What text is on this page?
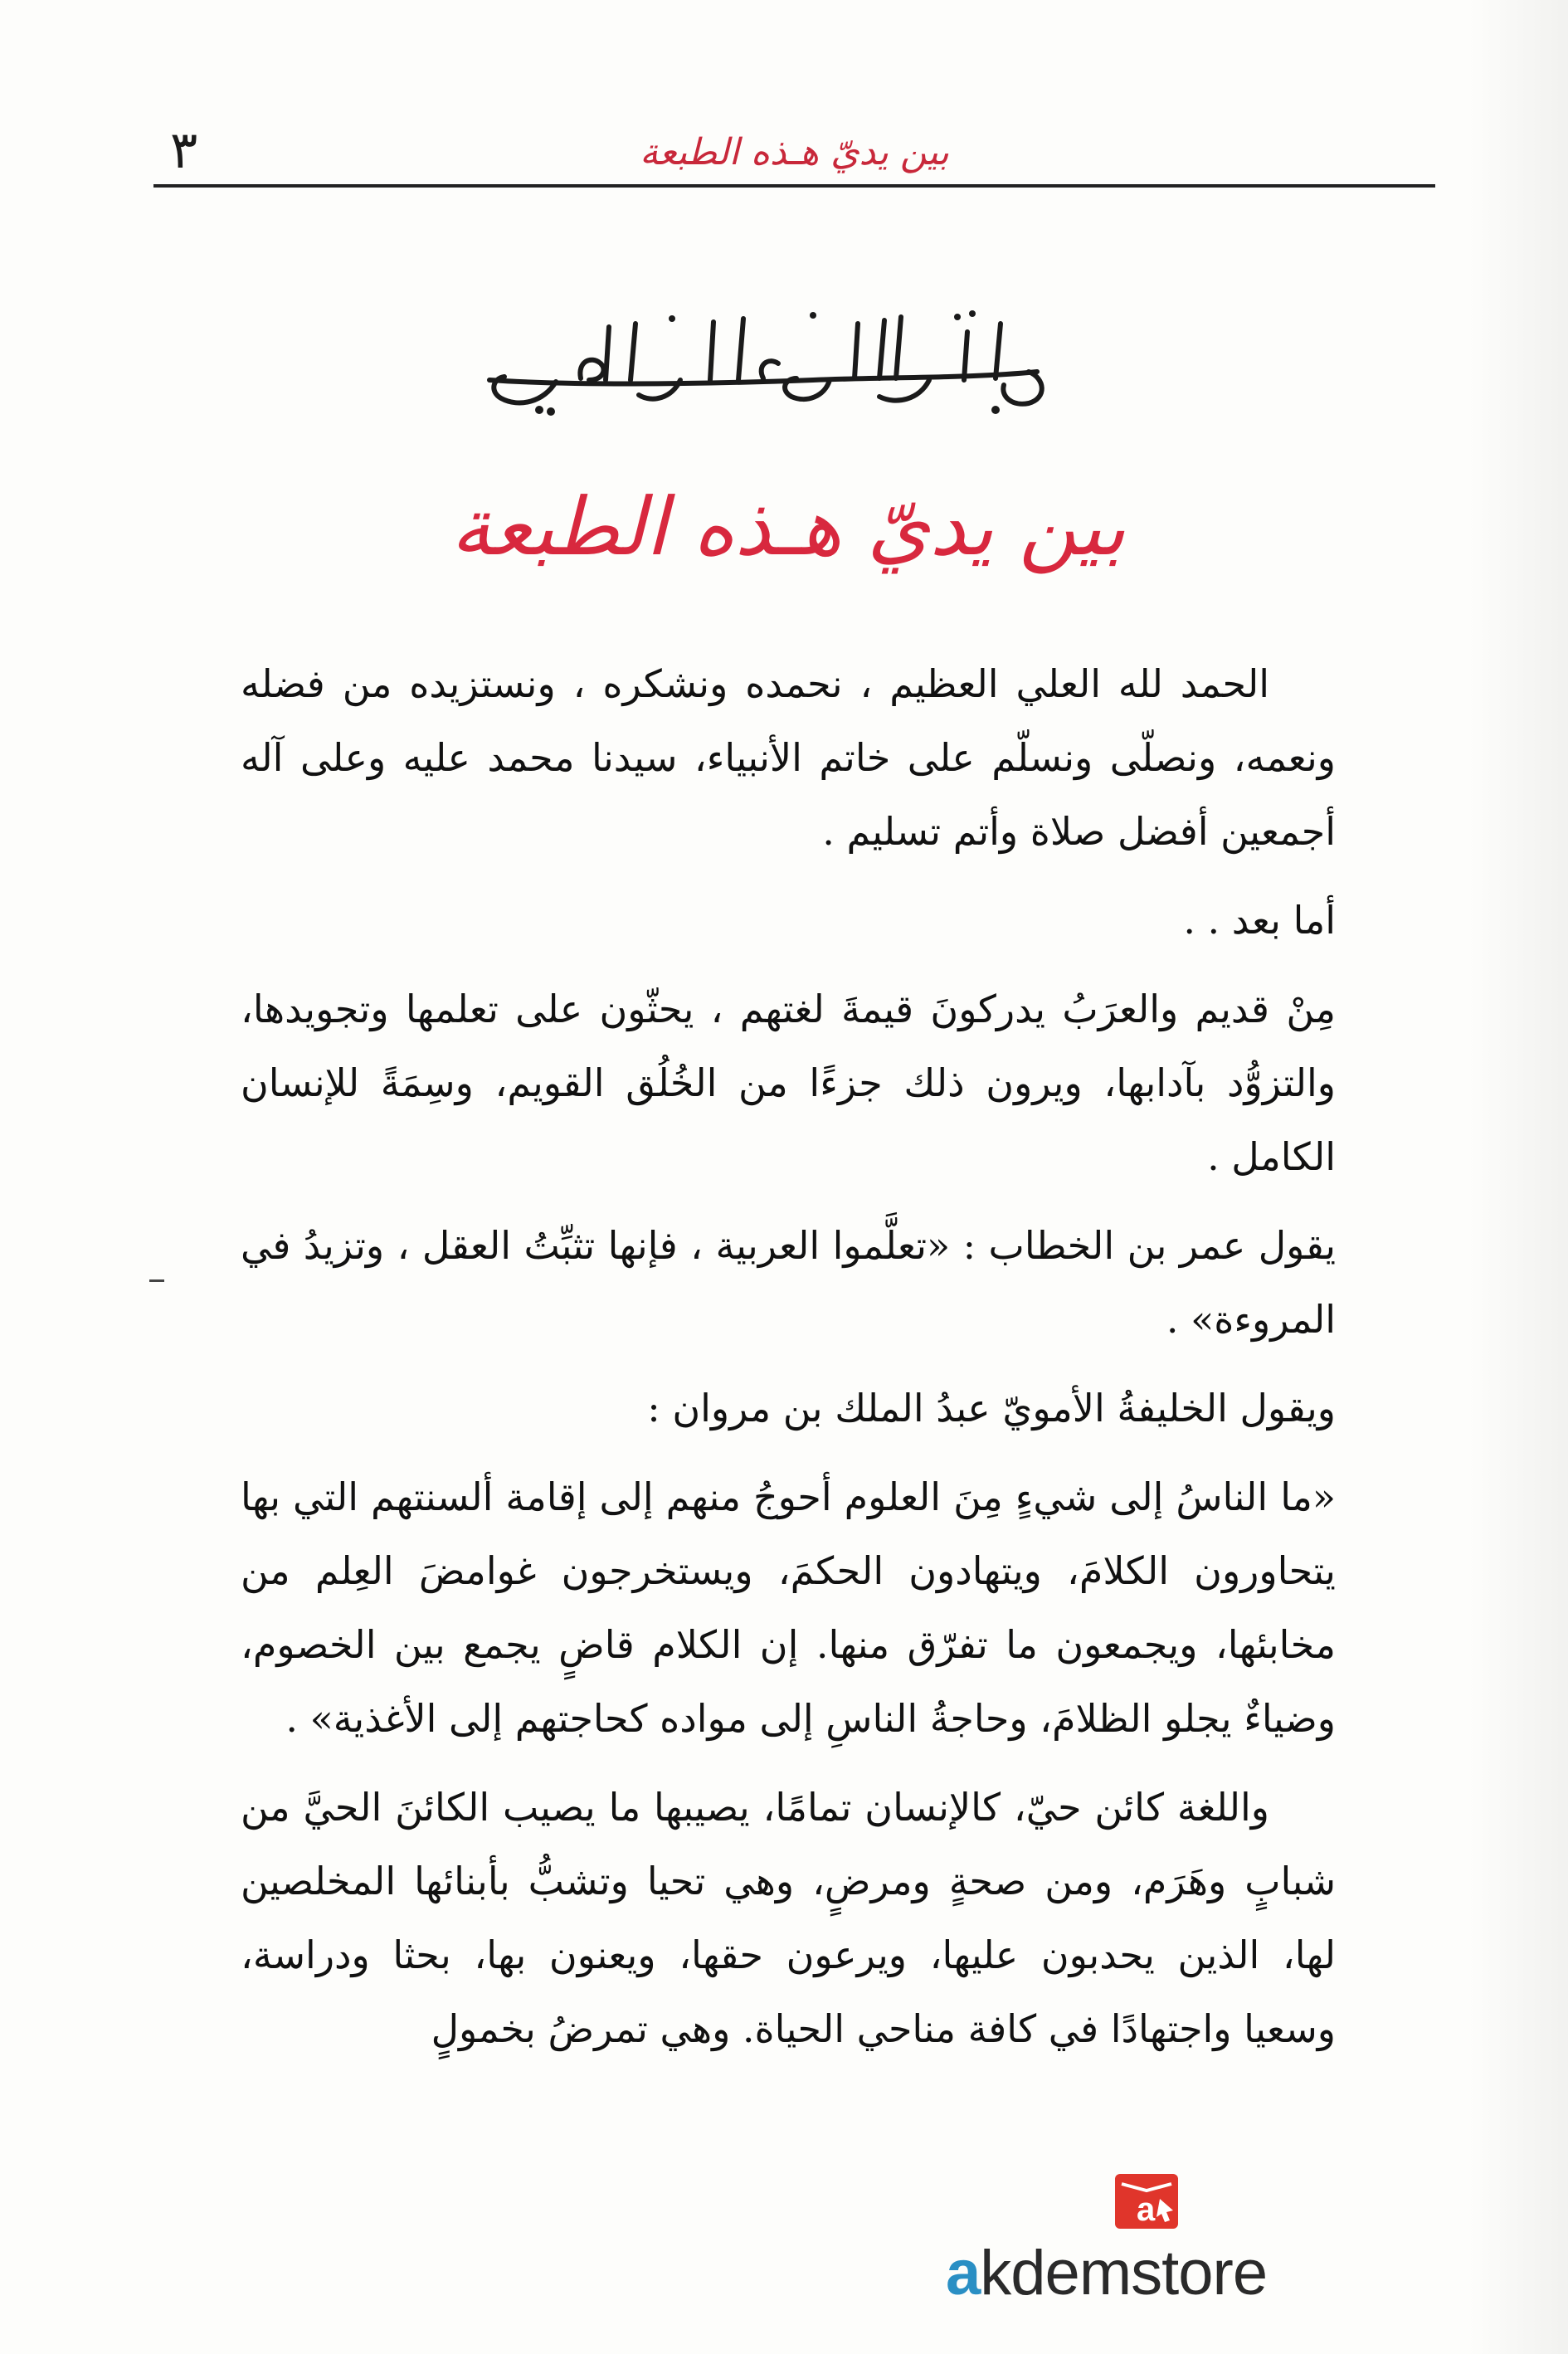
بين يديّ هـذه الطبعة
٣
بين يديّ هـذه الطبعة

الحمد لله العلي العظيم ، نحمده ونشكره ، ونستزيده من فضله ونعمه، ونصلّى ونسلّم على خاتم الأنبياء، سيدنا محمد عليه وعلى آله أجمعين أفضل صلاة وأتم تسليم .

أما بعد . .

مِنْ قديم والعرَبُ يدركونَ قيمةَ لغتهم ، يحثّون على تعلمها وتجويدها، والتزوُّد بآدابها، ويرون ذلك جزءًا من الخُلُق القويم، وسِمَةً للإنسان الكامل .

يقول عمر بن الخطاب : «تعلَّموا العربية ، فإنها تثبِّتُ العقل ، وتزيدُ في المروءة» .

ويقول الخليفةُ الأمويّ عبدُ الملك بن مروان :

«ما الناسُ إلى شيءٍ مِنَ العلوم أحوجُ منهم إلى إقامة ألسنتهم التي بها يتحاورون الكلامَ، ويتهادون الحكمَ، ويستخرجون غوامضَ العِلم من مخابئها، ويجمعون ما تفرّق منها. إن الكلام قاضٍ يجمع بين الخصوم، وضياءٌ يجلو الظلامَ، وحاجةُ الناسِ إلى مواده كحاجتهم إلى الأغذية» .

واللغة كائن حيّ، كالإنسان تمامًا، يصيبها ما يصيب الكائنَ الحيَّ من شبابٍ وهَرَم، ومن صحةٍ ومرضٍ، وهي تحيا وتشبُّ بأبنائها المخلصين لها، الذين يحدبون عليها، ويرعون حقها، ويعنون بها، بحثا ودراسة، وسعيا واجتهادًا في كافة مناحي الحياة. وهي تمرضُ بخمولٍ

a
akdemstore
